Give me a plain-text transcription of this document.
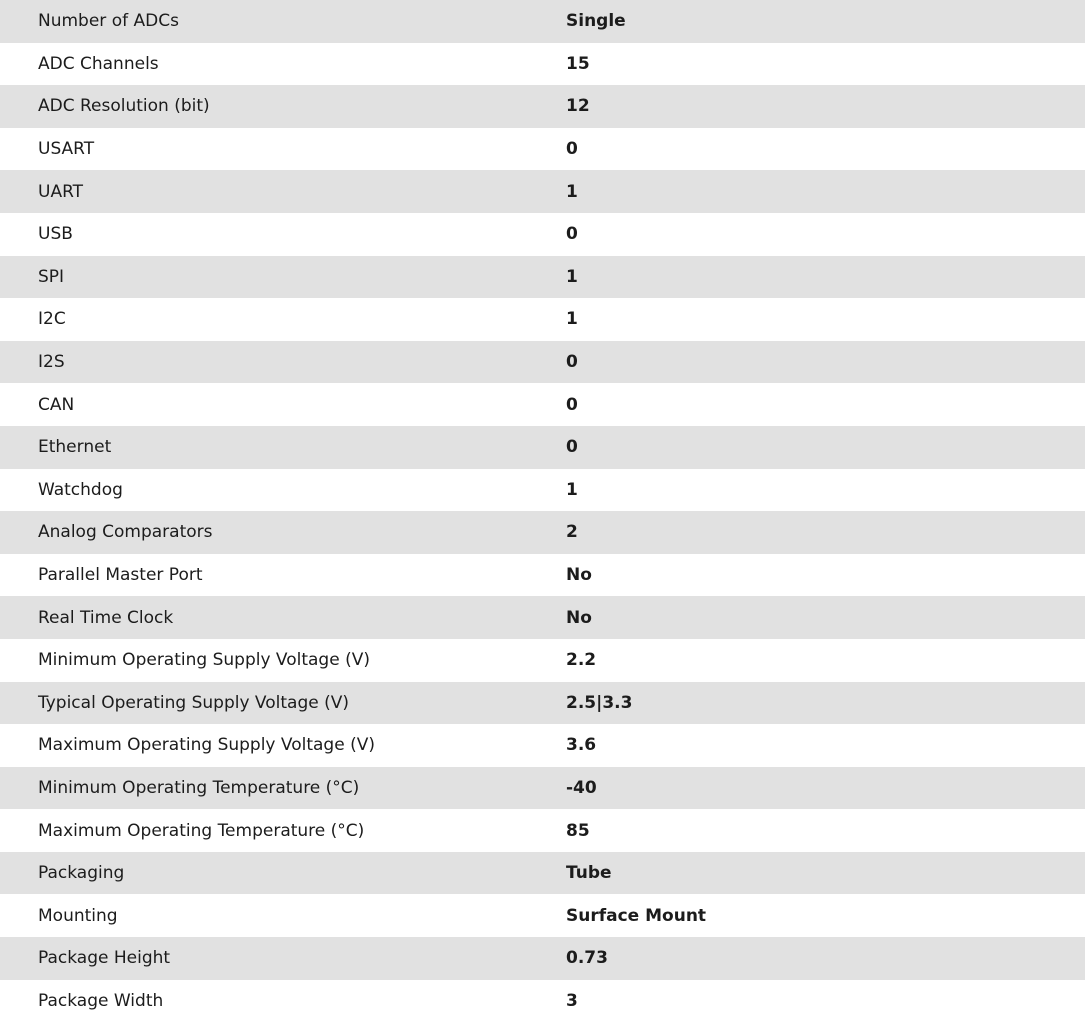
Number of ADCs	Single
ADC Channels	15
ADC Resolution (bit)	12
USART	0
UART	1
USB	0
SPI	1
I2C	1
I2S	0
CAN	0
Ethernet	0
Watchdog	1
Analog Comparators	2
Parallel Master Port	No
Real Time Clock	No
Minimum Operating Supply Voltage (V)	2.2
Typical Operating Supply Voltage (V)	2.5|3.3
Maximum Operating Supply Voltage (V)	3.6
Minimum Operating Temperature (°C)	-40
Maximum Operating Temperature (°C)	85
Packaging	Tube
Mounting	Surface Mount
Package Height	0.73
Package Width	3
